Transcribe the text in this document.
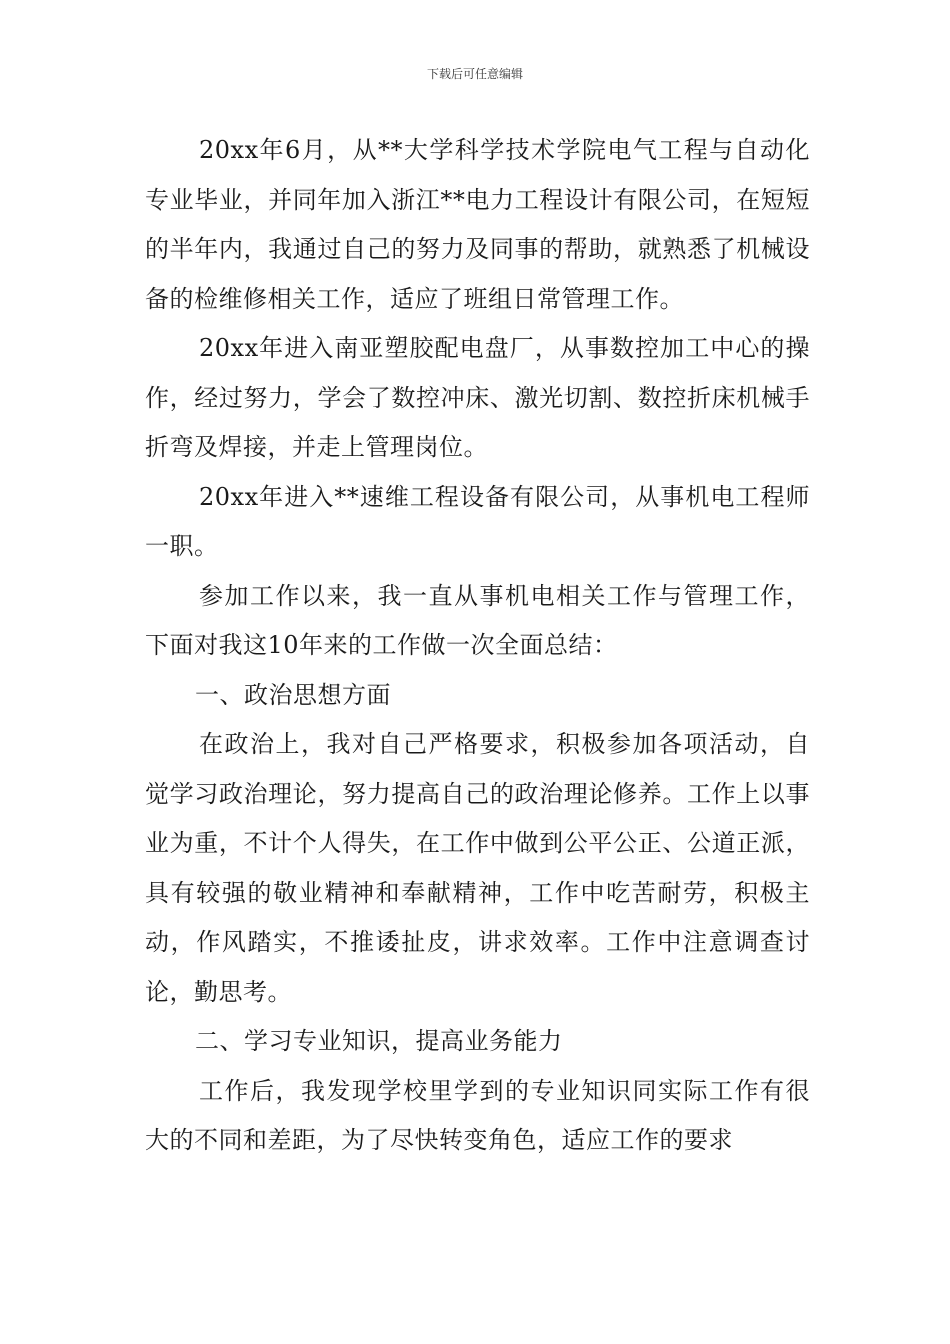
下载后可任意编辑

20xx年6月，从**大学科学技术学院电气工程与自动化专业毕业，并同年加入浙江**电力工程设计有限公司，在短短的半年内，我通过自己的努力及同事的帮助，就熟悉了机械设备的检维修相关工作，适应了班组日常管理工作。

20xx年进入南亚塑胶配电盘厂，从事数控加工中心的操作，经过努力，学会了数控冲床、激光切割、数控折床机械手折弯及焊接，并走上管理岗位。

20xx年进入**速维工程设备有限公司，从事机电工程师一职。

参加工作以来，我一直从事机电相关工作与管理工作，下面对我这10年来的工作做一次全面总结：

一、政治思想方面

在政治上，我对自己严格要求，积极参加各项活动，自觉学习政治理论，努力提高自己的政治理论修养。工作上以事业为重，不计个人得失，在工作中做到公平公正、公道正派，具有较强的敬业精神和奉献精神，工作中吃苦耐劳，积极主动，作风踏实，不推诿扯皮，讲求效率。工作中注意调查讨论，勤思考。

二、学习专业知识，提高业务能力

工作后，我发现学校里学到的专业知识同实际工作有很大的不同和差距，为了尽快转变角色，适应工作的要求
